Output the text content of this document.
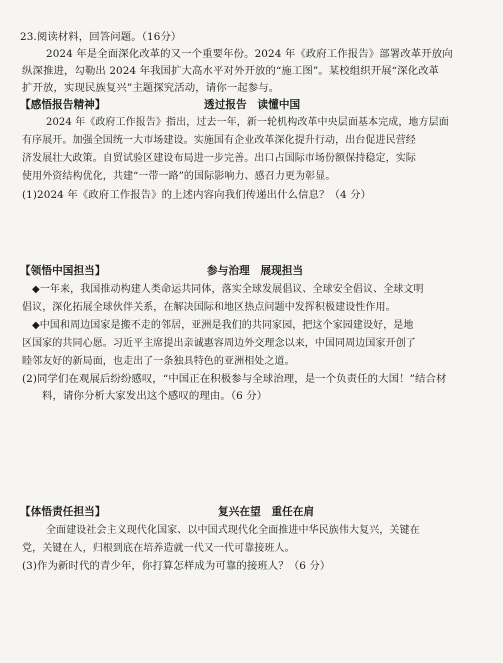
23.阅读材料，回答问题。（16分）
2024 年是全面深化改革的又一个重要年份。2024 年《政府工作报告》部署改革开放向
纵深推进，勾勒出 2024 年我国扩大高水平对外开放的“施工图”。某校组织开展“深化改革
扩开放，实现民族复兴”主题探究活动，请你一起参与。
【感悟报告精神】	透过报告　读懂中国
2024 年《政府工作报告》指出，过去一年，新一轮机构改革中央层面基本完成，地方层面
有序展开。加强全国统一大市场建设。实施国有企业改革深化提升行动，出台促进民营经
济发展壮大政策。自贸试验区建设布局进一步完善。出口占国际市场份额保持稳定，实际
使用外资结构优化，共建“一带一路”的国际影响力、感召力更为彰显。
(1)2024 年《政府工作报告》的上述内容向我们传递出什么信息？（4 分）
【领悟中国担当】	参与治理　展现担当
◆一年来，我国推动构建人类命运共同体，落实全球发展倡议、全球安全倡议、全球文明
倡议，深化拓展全球伙伴关系，在解决国际和地区热点问题中发挥积极建设性作用。
◆中国和周边国家是搬不走的邻居，亚洲是我们的共同家园，把这个家园建设好，是地
区国家的共同心愿。习近平主席提出亲诚惠容周边外交理念以来，中国同周边国家开创了
睦邻友好的新局面，也走出了一条独具特色的亚洲相处之道。
(2)同学们在观展后纷纷感叹，“中国正在积极参与全球治理，是一个负责任的大国！”结合材
料，请你分析大家发出这个感叹的理由。（6 分）
【体悟责任担当】	复兴在望　重任在肩
全面建设社会主义现代化国家、以中国式现代化全面推进中华民族伟大复兴，关键在
党，关键在人，归根到底在培养造就一代又一代可靠接班人。
(3)作为新时代的青少年，你打算怎样成为可靠的接班人？（6 分）
